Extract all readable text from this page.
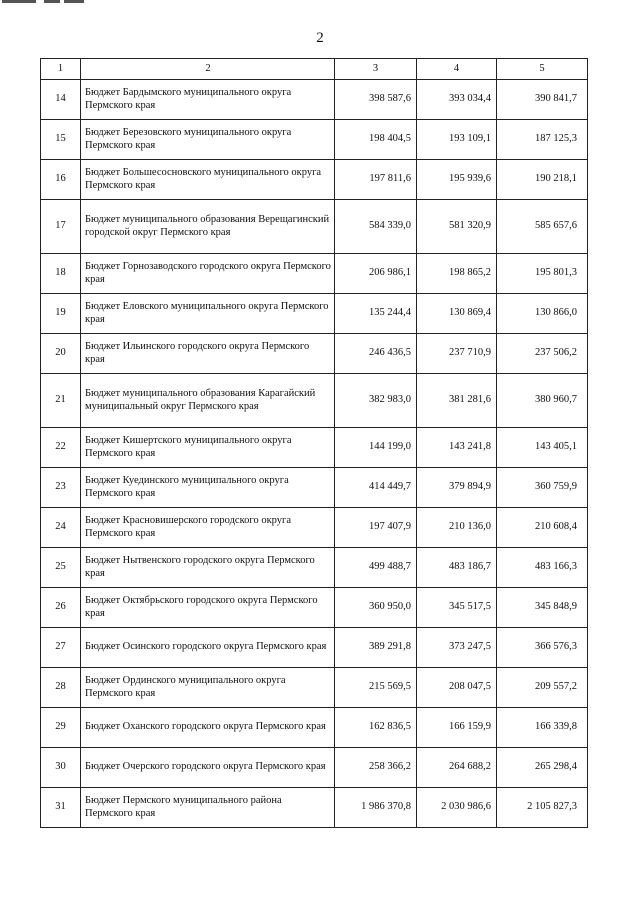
2
1	2	3	4	5
14	Бюджет Бардымского муниципального округа Пермского края	398 587,6	393 034,4	390 841,7
15	Бюджет Березовского муниципального округа Пермского края	198 404,5	193 109,1	187 125,3
16	Бюджет Большесосновского муниципального округа Пермского края	197 811,6	195 939,6	190 218,1
17	Бюджет муниципального образования Верещагинский городской округ Пермского края	584 339,0	581 320,9	585 657,6
18	Бюджет Горнозаводского городского округа Пермского края	206 986,1	198 865,2	195 801,3
19	Бюджет Еловского муниципального округа Пермского края	135 244,4	130 869,4	130 866,0
20	Бюджет Ильинского городского округа Пермского края	246 436,5	237 710,9	237 506,2
21	Бюджет муниципального образования Карагайский муниципальный округ Пермского края	382 983,0	381 281,6	380 960,7
22	Бюджет Кишертского муниципального округа Пермского края	144 199,0	143 241,8	143 405,1
23	Бюджет Куединского муниципального округа Пермского края	414 449,7	379 894,9	360 759,9
24	Бюджет Красновишерского городского округа Пермского края	197 407,9	210 136,0	210 608,4
25	Бюджет Нытвенского городского округа Пермского края	499 488,7	483 186,7	483 166,3
26	Бюджет Октябрьского городского округа Пермского края	360 950,0	345 517,5	345 848,9
27	Бюджет Осинского городского округа Пермского края	389 291,8	373 247,5	366 576,3
28	Бюджет Ординского муниципального округа Пермского края	215 569,5	208 047,5	209 557,2
29	Бюджет Оханского городского округа Пермского края	162 836,5	166 159,9	166 339,8
30	Бюджет Очерского городского округа Пермского края	258 366,2	264 688,2	265 298,4
31	Бюджет Пермского муниципального района Пермского края	1 986 370,8	2 030 986,6	2 105 827,3
